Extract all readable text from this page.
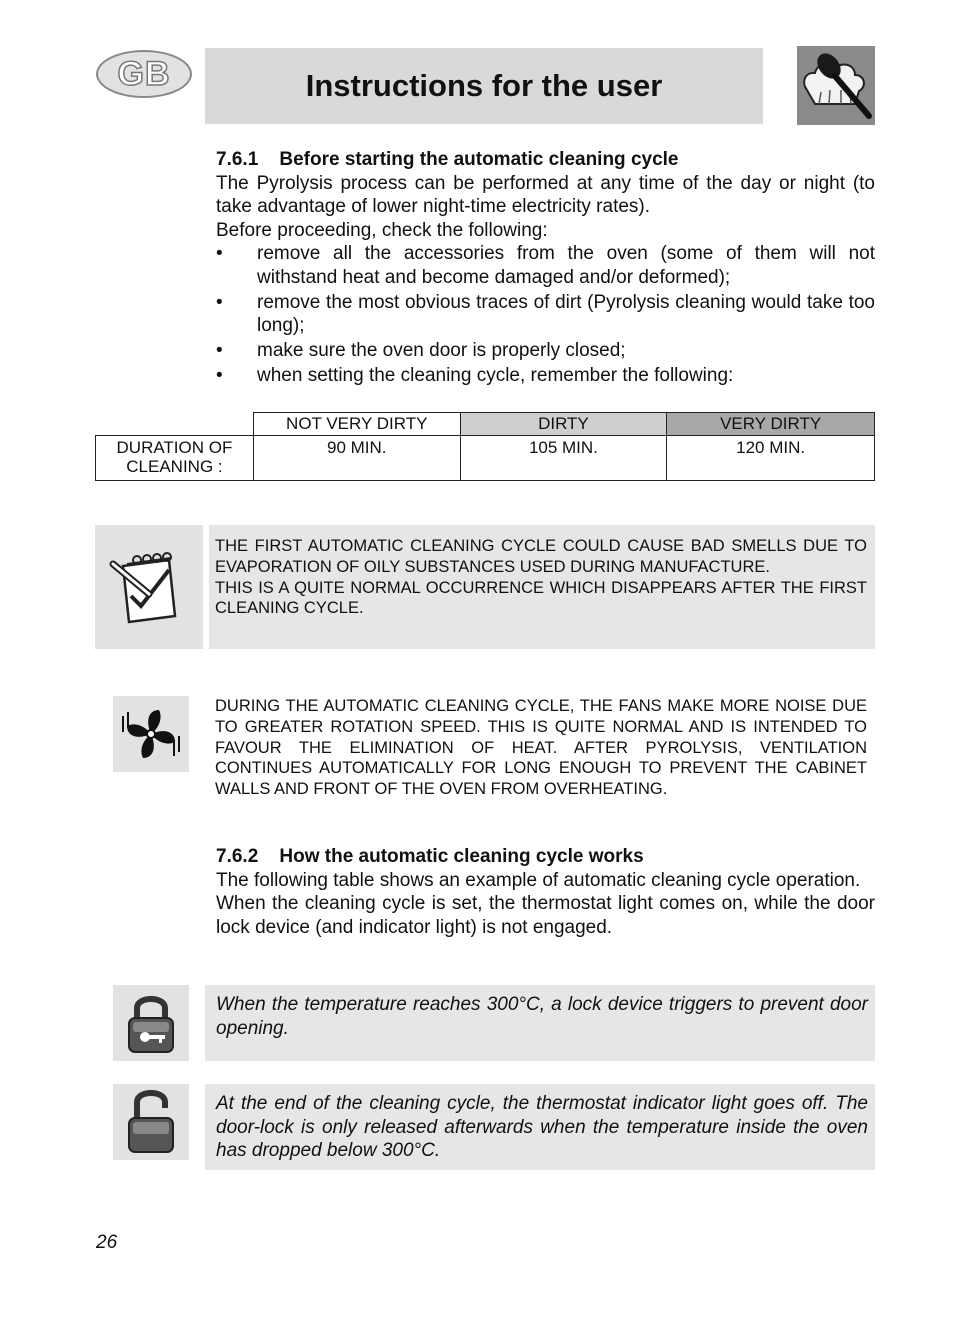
GB	Instructions for the user
7.6.1    Before starting the automatic cleaning cycle
The Pyrolysis process can be performed at any time of the day or night (to take advantage of lower night-time electricity rates).
Before proceeding, check the following:
• remove all the accessories from the oven (some of them will not withstand heat and become damaged and/or deformed);
• remove the most obvious traces of dirt (Pyrolysis cleaning would take too long);
• make sure the oven door is properly closed;
• when setting the cleaning cycle, remember the following:
	NOT VERY DIRTY	DIRTY	VERY DIRTY
DURATION OF CLEANING :	90 MIN.	105 MIN.	120 MIN.
THE FIRST AUTOMATIC CLEANING CYCLE COULD CAUSE BAD SMELLS DUE TO EVAPORATION OF OILY SUBSTANCES USED DURING MANUFACTURE.
THIS IS A QUITE NORMAL OCCURRENCE WHICH DISAPPEARS AFTER THE FIRST CLEANING CYCLE.
DURING THE AUTOMATIC CLEANING CYCLE, THE FANS MAKE MORE NOISE DUE TO GREATER ROTATION SPEED. THIS IS QUITE NORMAL AND IS INTENDED TO FAVOUR THE ELIMINATION OF HEAT. AFTER PYROLYSIS, VENTILATION CONTINUES AUTOMATICALLY FOR LONG ENOUGH TO PREVENT THE CABINET WALLS AND FRONT OF THE OVEN FROM OVERHEATING.
7.6.2    How the automatic cleaning cycle works
The following table shows an example of automatic cleaning cycle operation.
When the cleaning cycle is set, the thermostat light comes on, while the door lock device (and indicator light) is not engaged.
When the temperature reaches 300°C, a lock device triggers to prevent door opening.
At the end of the cleaning cycle, the thermostat indicator light goes off. The door-lock is only released afterwards when the temperature inside the oven has dropped below 300°C.
26
